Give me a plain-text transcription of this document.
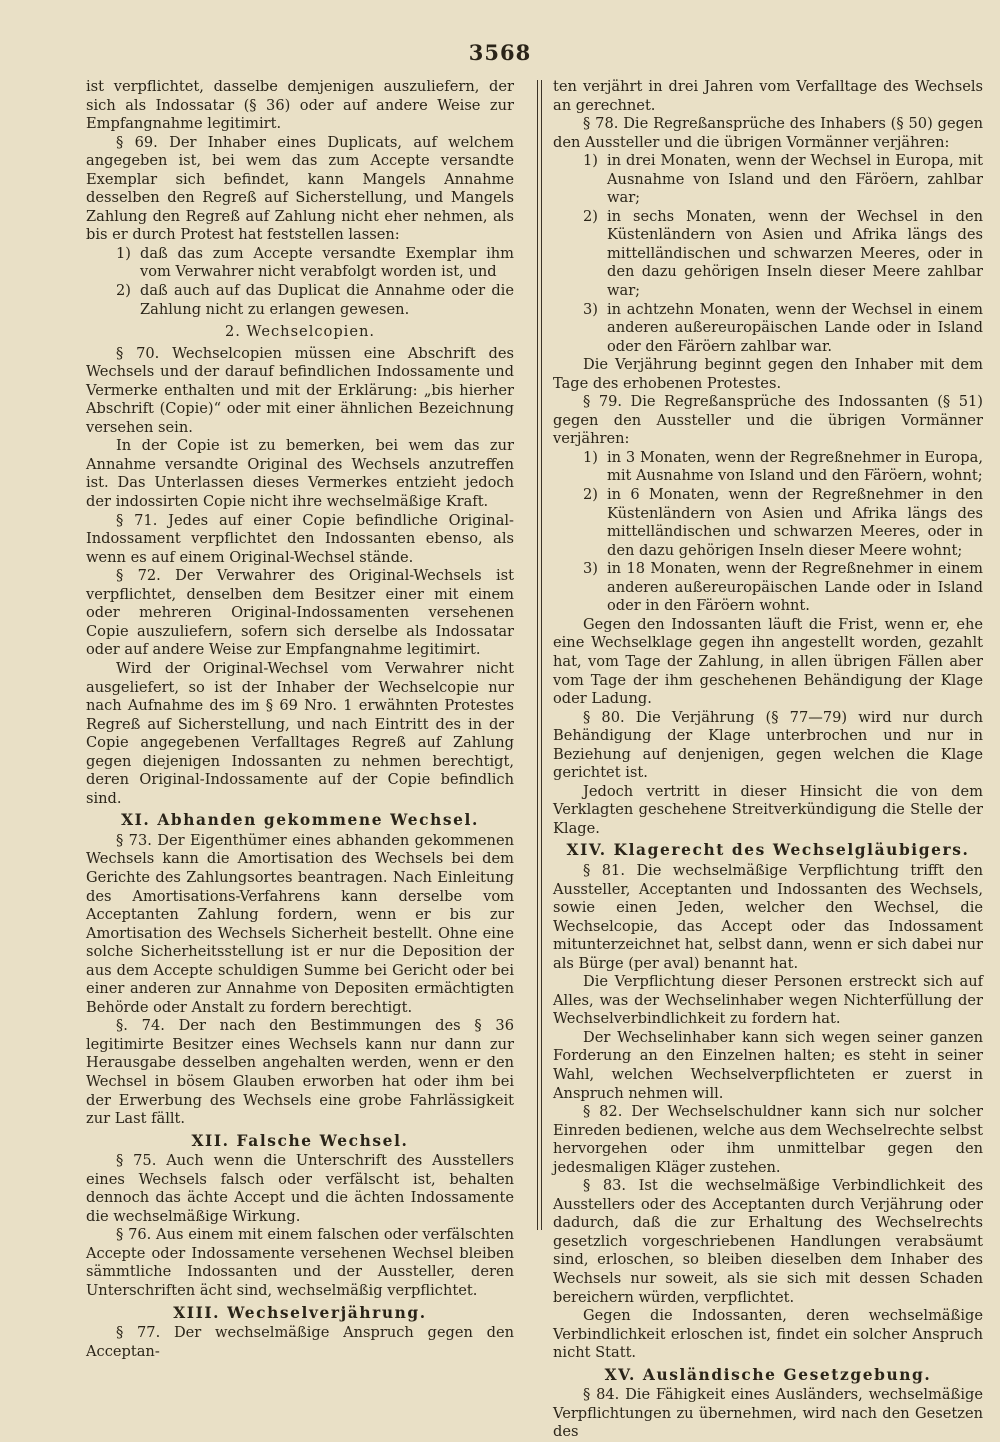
3568

ist verpflichtet, dasselbe demjenigen auszuliefern, der sich als Indossatar (§ 36) oder auf andere Weise zur Empfangnahme legitimirt.

§ 69. Der Inhaber eines Duplicats, auf welchem angegeben ist, bei wem das zum Accepte versandte Exemplar sich befindet, kann Mangels Annahme desselben den Regreß auf Sicherstellung, und Mangels Zahlung den Regreß auf Zahlung nicht eher nehmen, als bis er durch Protest hat feststellen lassen:

1) daß das zum Accepte versandte Exemplar ihm vom Verwahrer nicht verabfolgt worden ist, und

2) daß auch auf das Duplicat die Annahme oder die Zahlung nicht zu erlangen gewesen.

2. Wechselcopien.

§ 70. Wechselcopien müssen eine Abschrift des Wechsels und der darauf befindlichen Indossamente und Vermerke enthalten und mit der Erklärung: „bis hierher Abschrift (Copie)“ oder mit einer ähnlichen Bezeichnung versehen sein.

In der Copie ist zu bemerken, bei wem das zur Annahme versandte Original des Wechsels anzutreffen ist. Das Unterlassen dieses Vermerkes entzieht jedoch der indossirten Copie nicht ihre wechselmäßige Kraft.

§ 71. Jedes auf einer Copie befindliche Original-Indossament verpflichtet den Indossanten ebenso, als wenn es auf einem Original-Wechsel stände.

§ 72. Der Verwahrer des Original-Wechsels ist verpflichtet, denselben dem Besitzer einer mit einem oder mehreren Original-Indossamenten versehenen Copie auszuliefern, sofern sich derselbe als Indossatar oder auf andere Weise zur Empfangnahme legitimirt.

Wird der Original-Wechsel vom Verwahrer nicht ausgeliefert, so ist der Inhaber der Wechselcopie nur nach Aufnahme des im § 69 Nro. 1 erwähnten Protestes Regreß auf Sicherstellung, und nach Eintritt des in der Copie angegebenen Verfalltages Regreß auf Zahlung gegen diejenigen Indossanten zu nehmen berechtigt, deren Original-Indossamente auf der Copie befindlich sind.

XI. Abhanden gekommene Wechsel.

§ 73. Der Eigenthümer eines abhanden gekommenen Wechsels kann die Amortisation des Wechsels bei dem Gerichte des Zahlungsortes beantragen. Nach Einleitung des Amortisations-Verfahrens kann derselbe vom Acceptanten Zahlung fordern, wenn er bis zur Amortisation des Wechsels Sicherheit bestellt. Ohne eine solche Sicherheitsstellung ist er nur die Deposition der aus dem Accepte schuldigen Summe bei Gericht oder bei einer anderen zur Annahme von Depositen ermächtigten Behörde oder Anstalt zu fordern berechtigt.

§. 74. Der nach den Bestimmungen des § 36 legitimirte Besitzer eines Wechsels kann nur dann zur Herausgabe desselben angehalten werden, wenn er den Wechsel in bösem Glauben erworben hat oder ihm bei der Erwerbung des Wechsels eine grobe Fahrlässigkeit zur Last fällt.

XII. Falsche Wechsel.

§ 75. Auch wenn die Unterschrift des Ausstellers eines Wechsels falsch oder verfälscht ist, behalten dennoch das ächte Accept und die ächten Indossamente die wechselmäßige Wirkung.

§ 76. Aus einem mit einem falschen oder verfälschten Accepte oder Indossamente versehenen Wechsel bleiben sämmtliche Indossanten und der Aussteller, deren Unterschriften ächt sind, wechselmäßig verpflichtet.

XIII. Wechselverjährung.

§ 77. Der wechselmäßige Anspruch gegen den Acceptan-

ten verjährt in drei Jahren vom Verfalltage des Wechsels an gerechnet.

§ 78. Die Regreßansprüche des Inhabers (§ 50) gegen den Aussteller und die übrigen Vormänner verjähren:

1) in drei Monaten, wenn der Wechsel in Europa, mit Ausnahme von Island und den Färöern, zahlbar war;

2) in sechs Monaten, wenn der Wechsel in den Küstenländern von Asien und Afrika längs des mittelländischen und schwarzen Meeres, oder in den dazu gehörigen Inseln dieser Meere zahlbar war;

3) in achtzehn Monaten, wenn der Wechsel in einem anderen außereuropäischen Lande oder in Island oder den Färöern zahlbar war.

Die Verjährung beginnt gegen den Inhaber mit dem Tage des erhobenen Protestes.

§ 79. Die Regreßansprüche des Indossanten (§ 51) gegen den Aussteller und die übrigen Vormänner verjähren:

1) in 3 Monaten, wenn der Regreßnehmer in Europa, mit Ausnahme von Island und den Färöern, wohnt;

2) in 6 Monaten, wenn der Regreßnehmer in den Küstenländern von Asien und Afrika längs des mittelländischen und schwarzen Meeres, oder in den dazu gehörigen Inseln dieser Meere wohnt;

3) in 18 Monaten, wenn der Regreßnehmer in einem anderen außereuropäischen Lande oder in Island oder in den Färöern wohnt.

Gegen den Indossanten läuft die Frist, wenn er, ehe eine Wechselklage gegen ihn angestellt worden, gezahlt hat, vom Tage der Zahlung, in allen übrigen Fällen aber vom Tage der ihm geschehenen Behändigung der Klage oder Ladung.

§ 80. Die Verjährung (§ 77—79) wird nur durch Behändigung der Klage unterbrochen und nur in Beziehung auf denjenigen, gegen welchen die Klage gerichtet ist.

Jedoch vertritt in dieser Hinsicht die von dem Verklagten geschehene Streitverkündigung die Stelle der Klage.

XIV. Klagerecht des Wechselgläubigers.

§ 81. Die wechselmäßige Verpflichtung trifft den Aussteller, Acceptanten und Indossanten des Wechsels, sowie einen Jeden, welcher den Wechsel, die Wechselcopie, das Accept oder das Indossament mitunterzeichnet hat, selbst dann, wenn er sich dabei nur als Bürge (per aval) benannt hat.

Die Verpflichtung dieser Personen erstreckt sich auf Alles, was der Wechselinhaber wegen Nichterfüllung der Wechselverbindlichkeit zu fordern hat.

Der Wechselinhaber kann sich wegen seiner ganzen Forderung an den Einzelnen halten; es steht in seiner Wahl, welchen Wechselverpflichteten er zuerst in Anspruch nehmen will.

§ 82. Der Wechselschuldner kann sich nur solcher Einreden bedienen, welche aus dem Wechselrechte selbst hervorgehen oder ihm unmittelbar gegen den jedesmaligen Kläger zustehen.

§ 83. Ist die wechselmäßige Verbindlichkeit des Ausstellers oder des Acceptanten durch Verjährung oder dadurch, daß die zur Erhaltung des Wechselrechts gesetzlich vorgeschriebenen Handlungen verabsäumt sind, erloschen, so bleiben dieselben dem Inhaber des Wechsels nur soweit, als sie sich mit dessen Schaden bereichern würden, verpflichtet.

Gegen die Indossanten, deren wechselmäßige Verbindlichkeit erloschen ist, findet ein solcher Anspruch nicht Statt.

XV. Ausländische Gesetzgebung.

§ 84. Die Fähigkeit eines Ausländers, wechselmäßige Verpflichtungen zu übernehmen, wird nach den Gesetzen des
